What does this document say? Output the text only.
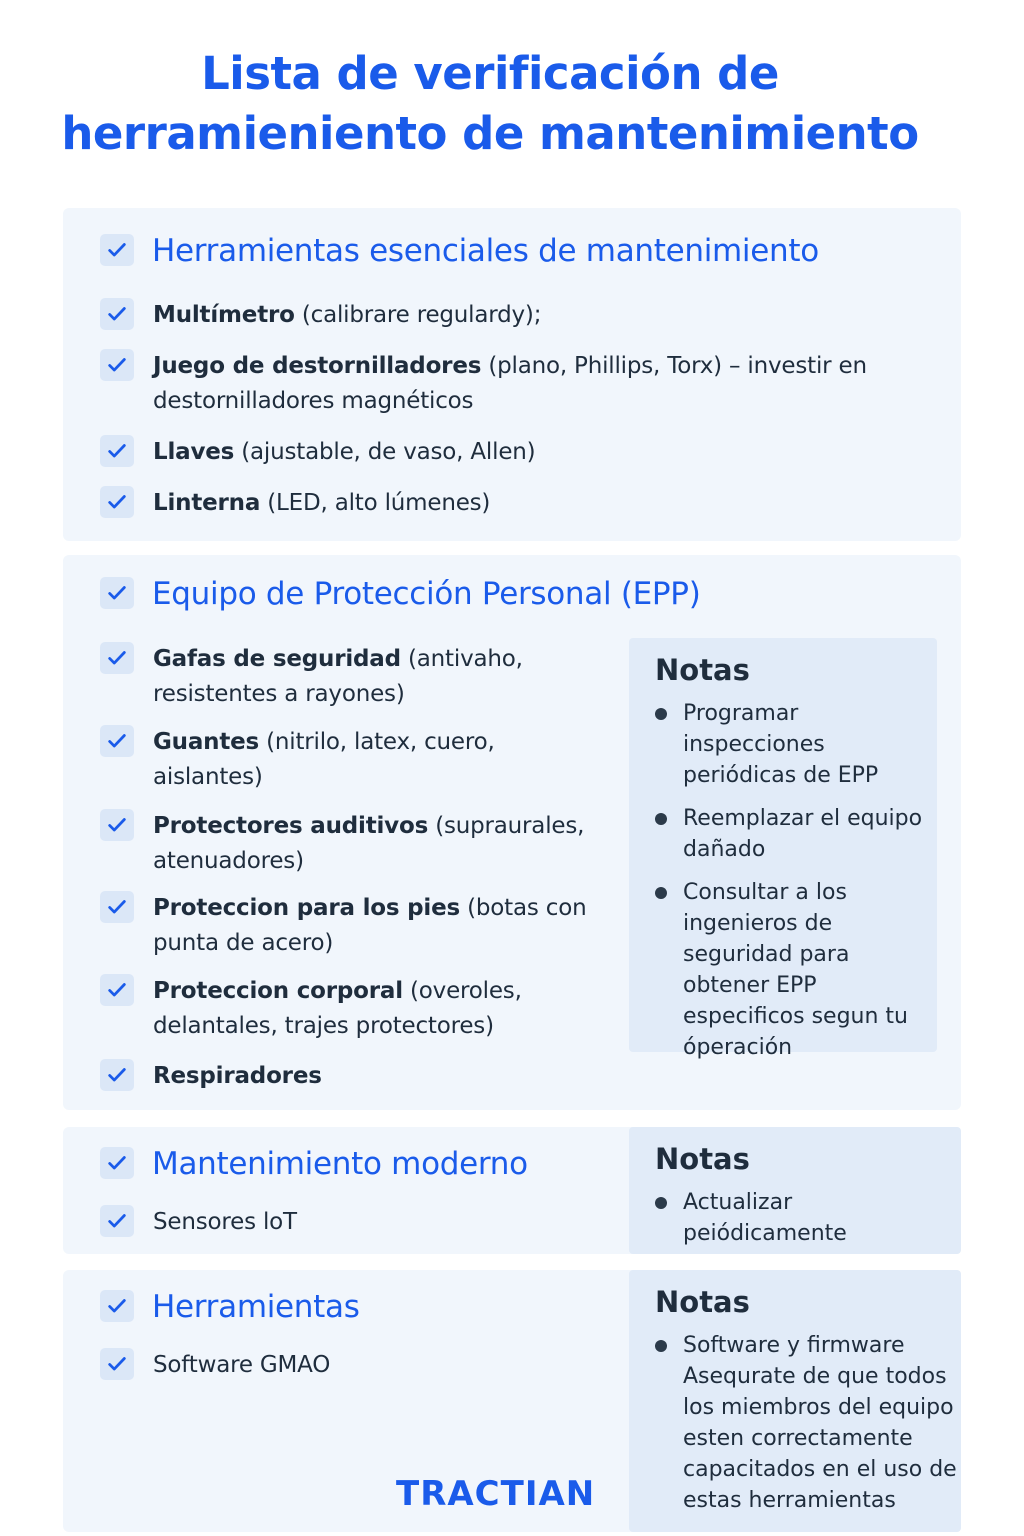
Lista de verificación de
herramieniento de mantenimiento
Herramientas esenciales de mantenimiento
Multímetro (calibrare regulardy);
Juego de destornilladores (plano, Phillips, Torx) – investir en destornilladores magnéticos
Llaves (ajustable, de vaso, Allen)
Linterna (LED, alto lúmenes)
Equipo de Protección Personal (EPP)
Gafas de seguridad (antivaho, resistentes a rayones)
Guantes (nitrilo, latex, cuero, aislantes)
Protectores auditivos (supraurales, atenuadores)
Proteccion para los pies (botas con punta de acero)
Proteccion corporal (overoles, delantales, trajes protectores)
Respiradores
Notas
Programar inspecciones periódicas de EPP
Reemplazar el equipo dañado
Consultar a los ingenieros de seguridad para obtener EPP especificos segun tu óperación
Mantenimiento moderno
Sensores loT
Notas
Actualizar peiódicamente
Herramientas
Software GMAO
Notas
Software y firmware Asequrate de que todos los miembros del equipo esten correctamente capacitados en el uso de estas herramientas
TRACTIAN
